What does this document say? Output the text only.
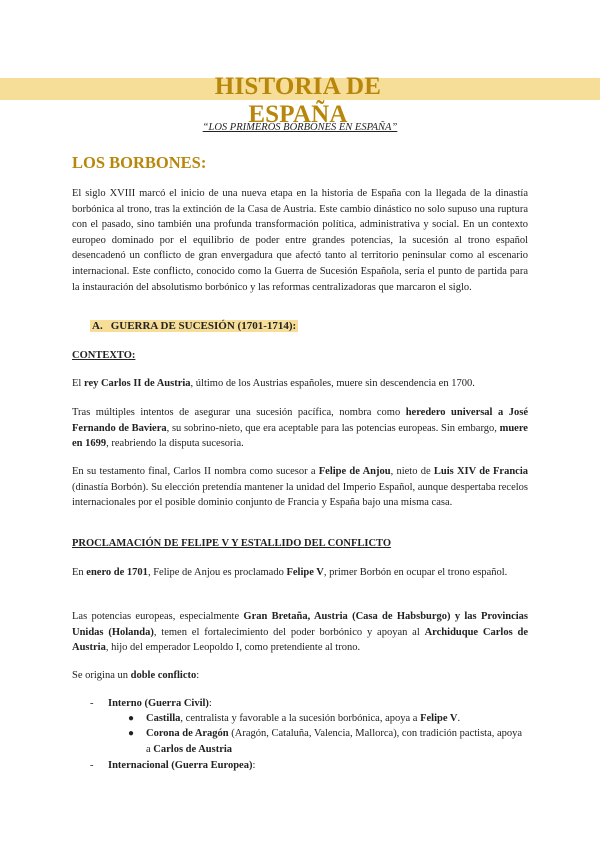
HISTORIA DE ESPAÑA
“LOS PRIMEROS BORBONES EN ESPAÑA”
LOS BORBONES:

El siglo XVIII marcó el inicio de una nueva etapa en la historia de España con la llegada de la dinastía borbónica al trono, tras la extinción de la Casa de Austria. Este cambio dinástico no solo supuso una ruptura con el pasado, sino también una profunda transformación política, administrativa y social. En un contexto europeo dominado por el equilibrio de poder entre grandes potencias, la sucesión al trono español desencadenó un conflicto de gran envergadura que afectó tanto al territorio peninsular como al escenario internacional. Este conflicto, conocido como la Guerra de Sucesión Española, sería el punto de partida para la instauración del absolutismo borbónico y las reformas centralizadoras que marcaron el siglo.

A. GUERRA DE SUCESIÓN (1701-1714):
CONTEXTO:

El rey Carlos II de Austria, último de los Austrias españoles, muere sin descendencia en 1700.

Tras múltiples intentos de asegurar una sucesión pacífica, nombra como heredero universal a José Fernando de Baviera, su sobrino-nieto, que era aceptable para las potencias europeas. Sin embargo, muere en 1699, reabriendo la disputa sucesoria.

En su testamento final, Carlos II nombra como sucesor a Felipe de Anjou, nieto de Luis XIV de Francia (dinastía Borbón). Su elección pretendía mantener la unidad del Imperio Español, aunque despertaba recelos internacionales por el posible dominio conjunto de Francia y España bajo una misma casa.

PROCLAMACIÓN DE FELIPE V Y ESTALLIDO DEL CONFLICTO

En enero de 1701, Felipe de Anjou es proclamado Felipe V, primer Borbón en ocupar el trono español.

Las potencias europeas, especialmente Gran Bretaña, Austria (Casa de Habsburgo) y las Provincias Unidas (Holanda), temen el fortalecimiento del poder borbónico y apoyan al Archiduque Carlos de Austria, hijo del emperador Leopoldo I, como pretendiente al trono.

Se origina un doble conflicto:

- Interno (Guerra Civil):
●	Castilla, centralista y favorable a la sucesión borbónica, apoya a Felipe V.
●	Corona de Aragón (Aragón, Cataluña, Valencia, Mallorca), con tradición pactista, apoya a Carlos de Austria
- Internacional (Guerra Europea):
